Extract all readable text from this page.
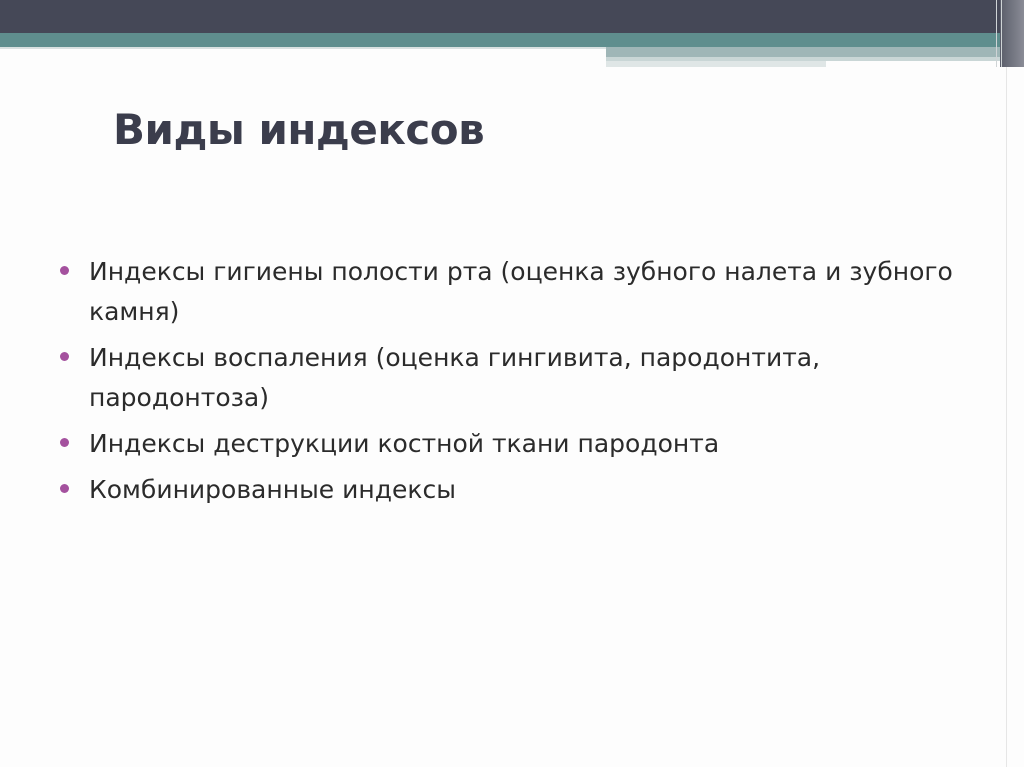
Виды индексов
Индексы гигиены полости рта (оценка зубного налета и зубного камня)
Индексы воспаления (оценка гингивита, пародонтита, пародонтоза)
Индексы деструкции костной ткани пародонта
Комбинированные индексы
